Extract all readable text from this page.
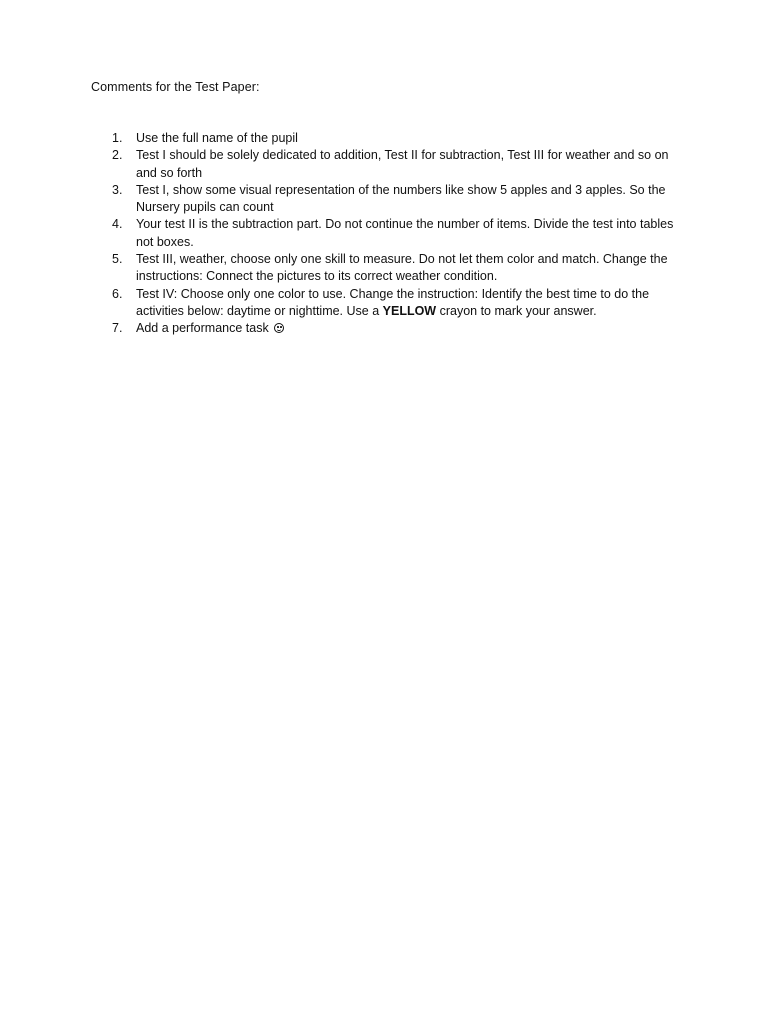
Comments for the Test Paper:
1.	Use the full name of the pupil
2.	Test I should be solely dedicated to addition, Test II for subtraction, Test III for weather and so on and so forth
3.	Test I, show some visual representation of the numbers like show 5 apples and 3 apples. So the Nursery pupils can count
4.	Your test II is the subtraction part. Do not continue the number of items. Divide the test into tables not boxes.
5.	Test III, weather, choose only one skill to measure. Do not let them color and match. Change the instructions: Connect the pictures to its correct weather condition.
6.	Test IV: Choose only one color to use. Change the instruction: Identify the best time to do the activities below: daytime or nighttime. Use a YELLOW crayon to mark your answer.
7.	Add a performance task
